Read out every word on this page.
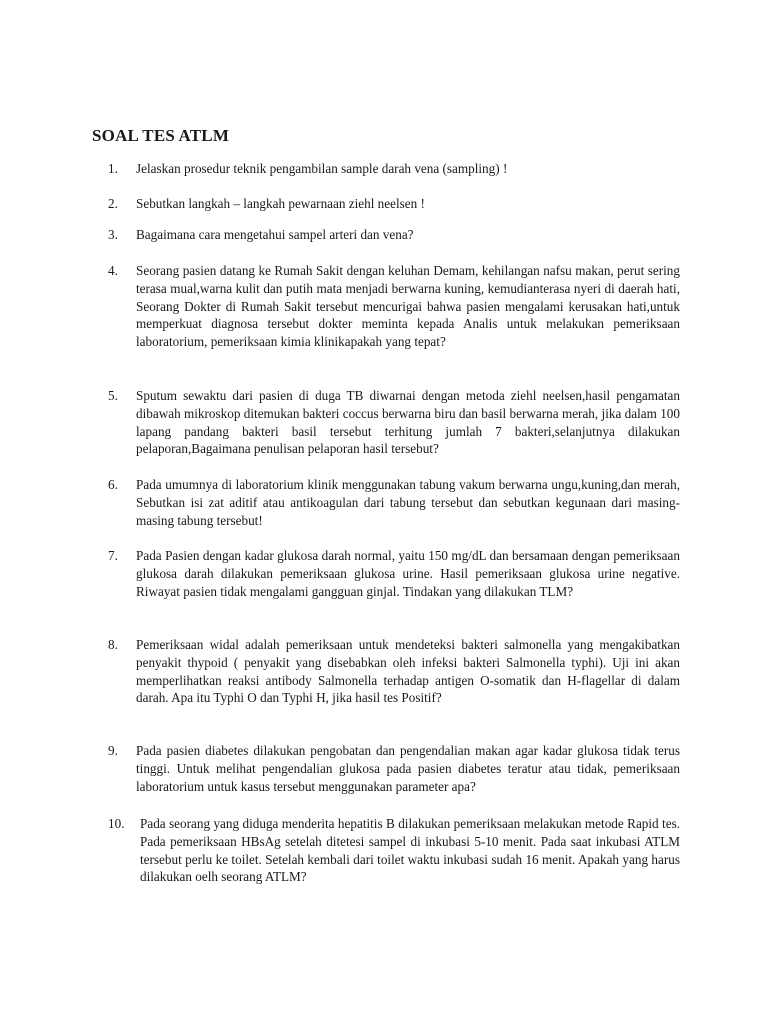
SOAL TES ATLM
1. Jelaskan prosedur teknik pengambilan sample darah vena (sampling) !
2. Sebutkan langkah – langkah pewarnaan ziehl neelsen !
3. Bagaimana cara mengetahui sampel arteri dan vena?
4. Seorang pasien datang ke Rumah Sakit dengan keluhan Demam, kehilangan nafsu makan, perut sering terasa mual,warna kulit dan putih mata menjadi berwarna kuning, kemudianterasa nyeri di daerah hati, Seorang Dokter di Rumah Sakit tersebut mencurigai bahwa pasien mengalami kerusakan hati,untuk memperkuat diagnosa tersebut dokter meminta kepada Analis untuk melakukan pemeriksaan laboratorium, pemeriksaan kimia klinikapakah yang tepat?
5. Sputum sewaktu dari pasien di duga TB diwarnai dengan metoda ziehl neelsen,hasil pengamatan dibawah mikroskop ditemukan bakteri coccus berwarna biru dan basil berwarna merah, jika dalam 100 lapang pandang bakteri basil tersebut terhitung jumlah 7 bakteri,selanjutnya dilakukan pelaporan,Bagaimana penulisan pelaporan hasil tersebut?
6. Pada umumnya di laboratorium klinik menggunakan tabung vakum berwarna ungu,kuning,dan merah, Sebutkan isi zat aditif atau antikoagulan dari tabung tersebut dan sebutkan kegunaan dari masing-masing tabung tersebut!
7. Pada Pasien dengan kadar glukosa darah normal, yaitu 150 mg/dL dan bersamaan dengan pemeriksaan glukosa darah dilakukan pemeriksaan glukosa urine. Hasil pemeriksaan glukosa urine negative. Riwayat pasien tidak mengalami gangguan ginjal. Tindakan yang dilakukan TLM?
8. Pemeriksaan widal adalah pemeriksaan untuk mendeteksi bakteri salmonella yang mengakibatkan penyakit thypoid ( penyakit yang disebabkan oleh infeksi bakteri Salmonella typhi). Uji ini akan memperlihatkan reaksi antibody Salmonella terhadap antigen O-somatik dan H-flagellar di dalam darah. Apa itu Typhi O dan Typhi H, jika hasil tes Positif?
9. Pada pasien diabetes dilakukan pengobatan dan pengendalian makan agar kadar glukosa tidak terus tinggi. Untuk melihat pengendalian glukosa pada pasien diabetes teratur atau tidak, pemeriksaan laboratorium untuk kasus tersebut menggunakan parameter apa?
10. Pada seorang yang diduga menderita hepatitis B dilakukan pemeriksaan melakukan metode Rapid tes. Pada pemeriksaan HBsAg setelah ditetesi sampel di inkubasi 5-10 menit. Pada saat inkubasi ATLM tersebut perlu ke toilet. Setelah kembali dari toilet waktu inkubasi sudah 16 menit. Apakah yang harus dilakukan oelh seorang ATLM?
